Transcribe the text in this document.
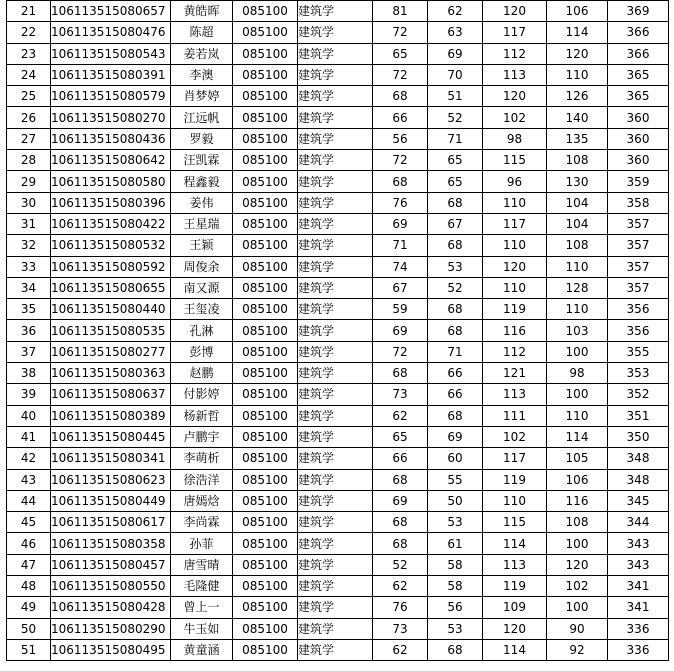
21	106113515080657	黄皓晖	085100	建筑学	81	62	120	106	369
22	106113515080476	陈超	085100	建筑学	72	63	117	114	366
23	106113515080543	姜若岚	085100	建筑学	65	69	112	120	366
24	106113515080391	李澳	085100	建筑学	72	70	113	110	365
25	106113515080579	肖梦婷	085100	建筑学	68	51	120	126	365
26	106113515080270	江远帆	085100	建筑学	66	52	102	140	360
27	106113515080436	罗毅	085100	建筑学	56	71	98	135	360
28	106113515080642	汪凯霖	085100	建筑学	72	65	115	108	360
29	106113515080580	程鑫毅	085100	建筑学	68	65	96	130	359
30	106113515080396	姜伟	085100	建筑学	76	68	110	104	358
31	106113515080422	王星瑞	085100	建筑学	69	67	117	104	357
32	106113515080532	王颖	085100	建筑学	71	68	110	108	357
33	106113515080592	周俊余	085100	建筑学	74	53	120	110	357
34	106113515080655	南又源	085100	建筑学	67	52	110	128	357
35	106113515080440	王玺凌	085100	建筑学	59	68	119	110	356
36	106113515080535	孔淋	085100	建筑学	69	68	116	103	356
37	106113515080277	彭博	085100	建筑学	72	71	112	100	355
38	106113515080363	赵鹏	085100	建筑学	68	66	121	98	353
39	106113515080637	付影婷	085100	建筑学	73	66	113	100	352
40	106113515080389	杨新哲	085100	建筑学	62	68	111	110	351
41	106113515080445	卢鹏宇	085100	建筑学	65	69	102	114	350
42	106113515080341	李萌析	085100	建筑学	66	60	117	105	348
43	106113515080623	徐浩洋	085100	建筑学	68	55	119	106	348
44	106113515080449	唐嫣焓	085100	建筑学	69	50	110	116	345
45	106113515080617	李尚霖	085100	建筑学	68	53	115	108	344
46	106113515080358	孙菲	085100	建筑学	68	61	114	100	343
47	106113515080457	唐雪晴	085100	建筑学	52	58	113	120	343
48	106113515080550	毛隆健	085100	建筑学	62	58	119	102	341
49	106113515080428	曾上一	085100	建筑学	76	56	109	100	341
50	106113515080290	牛玉如	085100	建筑学	73	53	120	90	336
51	106113515080495	黄童涵	085100	建筑学	62	68	114	92	336
